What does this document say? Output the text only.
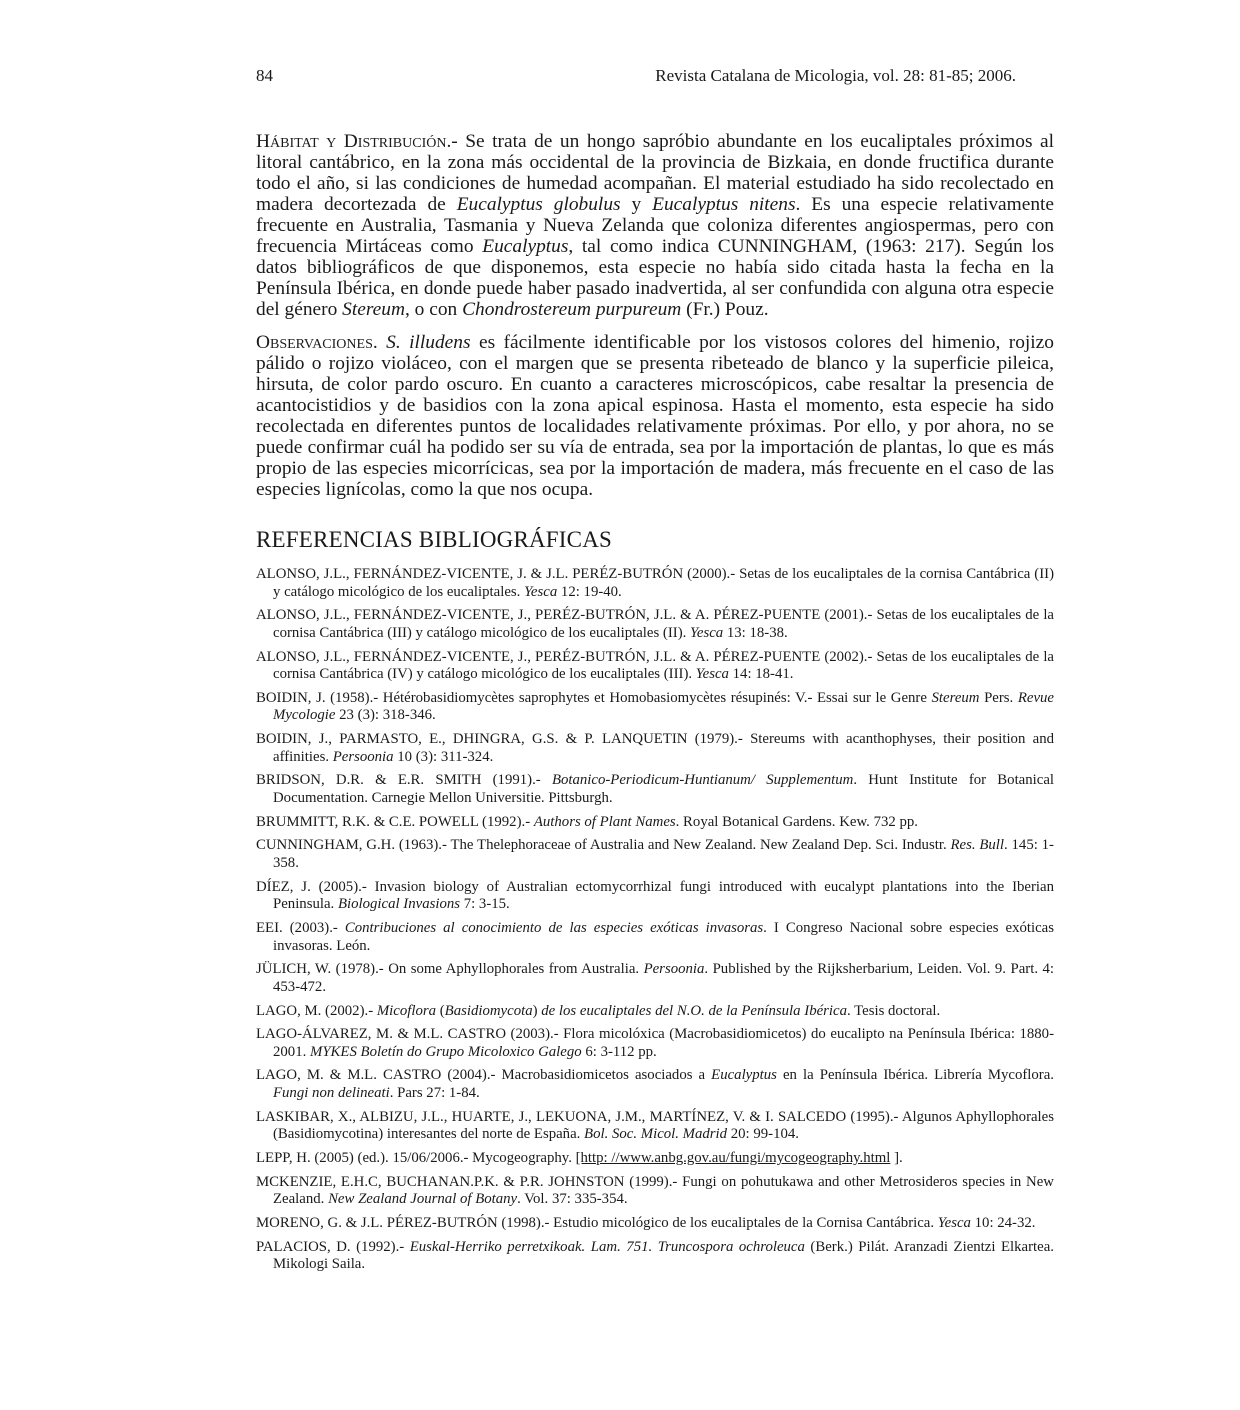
84	Revista Catalana de Micologia, vol. 28: 81-85; 2006.

Hábitat y Distribución.- Se trata de un hongo sapróbio abundante en los eucaliptales próximos al litoral cantábrico, en la zona más occidental de la provincia de Bizkaia, en donde fructifica durante todo el año, si las condiciones de humedad acompañan. El material estudiado ha sido recolectado en madera decortezada de Eucalyptus globulus y Eucalyptus nitens. Es una especie relativamente frecuente en Australia, Tasmania y Nueva Zelanda que coloniza diferentes angiospermas, pero con frecuencia Mirtáceas como Eucalyptus, tal como indica CUNNINGHAM, (1963: 217). Según los datos bibliográficos de que disponemos, esta especie no había sido citada hasta la fecha en la Península Ibérica, en donde puede haber pasado inadvertida, al ser confundida con alguna otra especie del género Stereum, o con Chondrostereum purpureum (Fr.) Pouz.

Observaciones. S. illudens es fácilmente identificable por los vistosos colores del himenio, rojizo pálido o rojizo violáceo, con el margen que se presenta ribeteado de blanco y la superficie pileica, hirsuta, de color pardo oscuro. En cuanto a caracteres microscópicos, cabe resaltar la presencia de acantocistidios y de basidios con la zona apical espinosa. Hasta el momento, esta especie ha sido recolectada en diferentes puntos de localidades relativamente próximas. Por ello, y por ahora, no se puede confirmar cuál ha podido ser su vía de entrada, sea por la importación de plantas, lo que es más propio de las especies micorrícicas, sea por la importación de madera, más frecuente en el caso de las especies lignícolas, como la que nos ocupa.

REFERENCIAS BIBLIOGRÁFICAS
ALONSO, J.L., FERNÁNDEZ-VICENTE, J. & J.L. PERÉZ-BUTRÓN (2000).- Setas de los eucaliptales de la cornisa Cantábrica (II) y catálogo micológico de los eucaliptales. Yesca 12: 19-40.
ALONSO, J.L., FERNÁNDEZ-VICENTE, J., PERÉZ-BUTRÓN, J.L. & A. PÉREZ-PUENTE (2001).- Setas de los eucaliptales de la cornisa Cantábrica (III) y catálogo micológico de los eucaliptales (II). Yesca 13: 18-38.
ALONSO, J.L., FERNÁNDEZ-VICENTE, J., PERÉZ-BUTRÓN, J.L. & A. PÉREZ-PUENTE (2002).- Setas de los eucaliptales de la cornisa Cantábrica (IV) y catálogo micológico de los eucaliptales (III). Yesca 14: 18-41.
BOIDIN, J. (1958).- Hétérobasidiomycètes saprophytes et Homobasiomycètes résupinés: V.- Essai sur le Genre Stereum Pers. Revue Mycologie 23 (3): 318-346.
BOIDIN, J., PARMASTO, E., DHINGRA, G.S. & P. LANQUETIN (1979).- Stereums with acanthophyses, their position and affinities. Persoonia 10 (3): 311-324.
BRIDSON, D.R. & E.R. SMITH (1991).- Botanico-Periodicum-Huntianum/ Supplementum. Hunt Institute for Botanical Documentation. Carnegie Mellon Universitie. Pittsburgh.
BRUMMITT, R.K. & C.E. POWELL (1992).- Authors of Plant Names. Royal Botanical Gardens. Kew. 732 pp.
CUNNINGHAM, G.H. (1963).- The Thelephoraceae of Australia and New Zealand. New Zealand Dep. Sci. Industr. Res. Bull. 145: 1-358.
DÍEZ, J. (2005).- Invasion biology of Australian ectomycorrhizal fungi introduced with eucalypt plantations into the Iberian Peninsula. Biological Invasions 7: 3-15.
EEI. (2003).- Contribuciones al conocimiento de las especies exóticas invasoras. I Congreso Nacional sobre especies exóticas invasoras. León.
JÜLICH, W. (1978).- On some Aphyllophorales from Australia. Persoonia. Published by the Rijksherbarium, Leiden. Vol. 9. Part. 4: 453-472.
LAGO, M. (2002).- Micoflora (Basidiomycota) de los eucaliptales del N.O. de la Península Ibérica. Tesis doctoral.
LAGO-ÁLVAREZ, M. & M.L. CASTRO (2003).- Flora micolóxica (Macrobasidiomicetos) do eucalipto na Península Ibérica: 1880-2001. MYKES Boletín do Grupo Micoloxico Galego 6: 3-112 pp.
LAGO, M. & M.L. CASTRO (2004).- Macrobasidiomicetos asociados a Eucalyptus en la Península Ibérica. Librería Mycoflora. Fungi non delineati. Pars 27: 1-84.
LASKIBAR, X., ALBIZU, J.L., HUARTE, J., LEKUONA, J.M., MARTÍNEZ, V. & I. SALCEDO (1995).- Algunos Aphyllophorales (Basidiomycotina) interesantes del norte de España. Bol. Soc. Micol. Madrid 20: 99-104.
LEPP, H. (2005) (ed.). 15/06/2006.- Mycogeography. [http: //www.anbg.gov.au/fungi/mycogeography.html ].
MCKENZIE, E.H.C, BUCHANAN.P.K. & P.R. JOHNSTON (1999).- Fungi on pohutukawa and other Metrosideros species in New Zealand. New Zealand Journal of Botany. Vol. 37: 335-354.
MORENO, G. & J.L. PÉREZ-BUTRÓN (1998).- Estudio micológico de los eucaliptales de la Cornisa Cantábrica. Yesca 10: 24-32.
PALACIOS, D. (1992).- Euskal-Herriko perretxikoak. Lam. 751. Truncospora ochroleuca (Berk.) Pilát. Aranzadi Zientzi Elkartea. Mikologi Saila.
